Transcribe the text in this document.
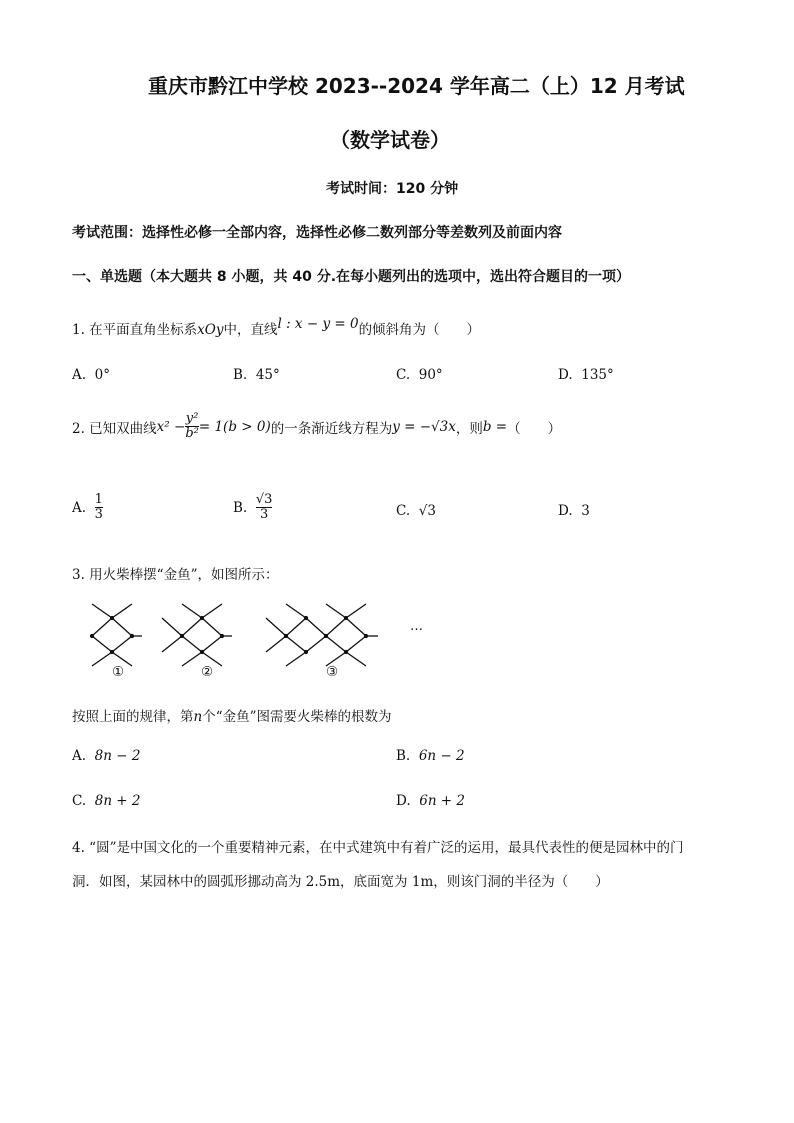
重庆市黔江中学校 2023--2024 学年高二（上）12 月考试
（数学试卷）
考试时间：120 分钟
考试范围：选择性必修一全部内容，选择性必修二数列部分等差数列及前面内容
一、单选题（本大题共 8 小题，共 40 分.在每小题列出的选项中，选出符合题目的一项）
1. 在平面直角坐标系xOy中，直线l : x − y = 0的倾斜角为（　　）
A. 0°	B. 45°	C. 90°	D. 135°
2. 已知双曲线 $x^2 - \frac{\text{y²}}{\text{b²}} = 1(b > 0)$ 的一条渐近线方程为 y = −√3x ，则 b = （　　）
A.
$\frac{1}{3}$	B.
$\frac{√3}{3}$	C. √3	D. 3
3. 用火柴棒摆“金鱼”，如图所示：
…
①	②	③
按照上面的规律，第n个“金鱼”图需要火柴棒的根数为
A. 8n − 2	B. 6n − 2
C. 8n + 2	D. 6n + 2
4. “圆”是中国文化的一个重要精神元素，在中式建筑中有着广泛的运用，最具代表性的便是园林中的门
洞．如图，某园林中的圆弧形挪动高为 2.5m，底面宽为 1m，则该门洞的半径为（　　）
